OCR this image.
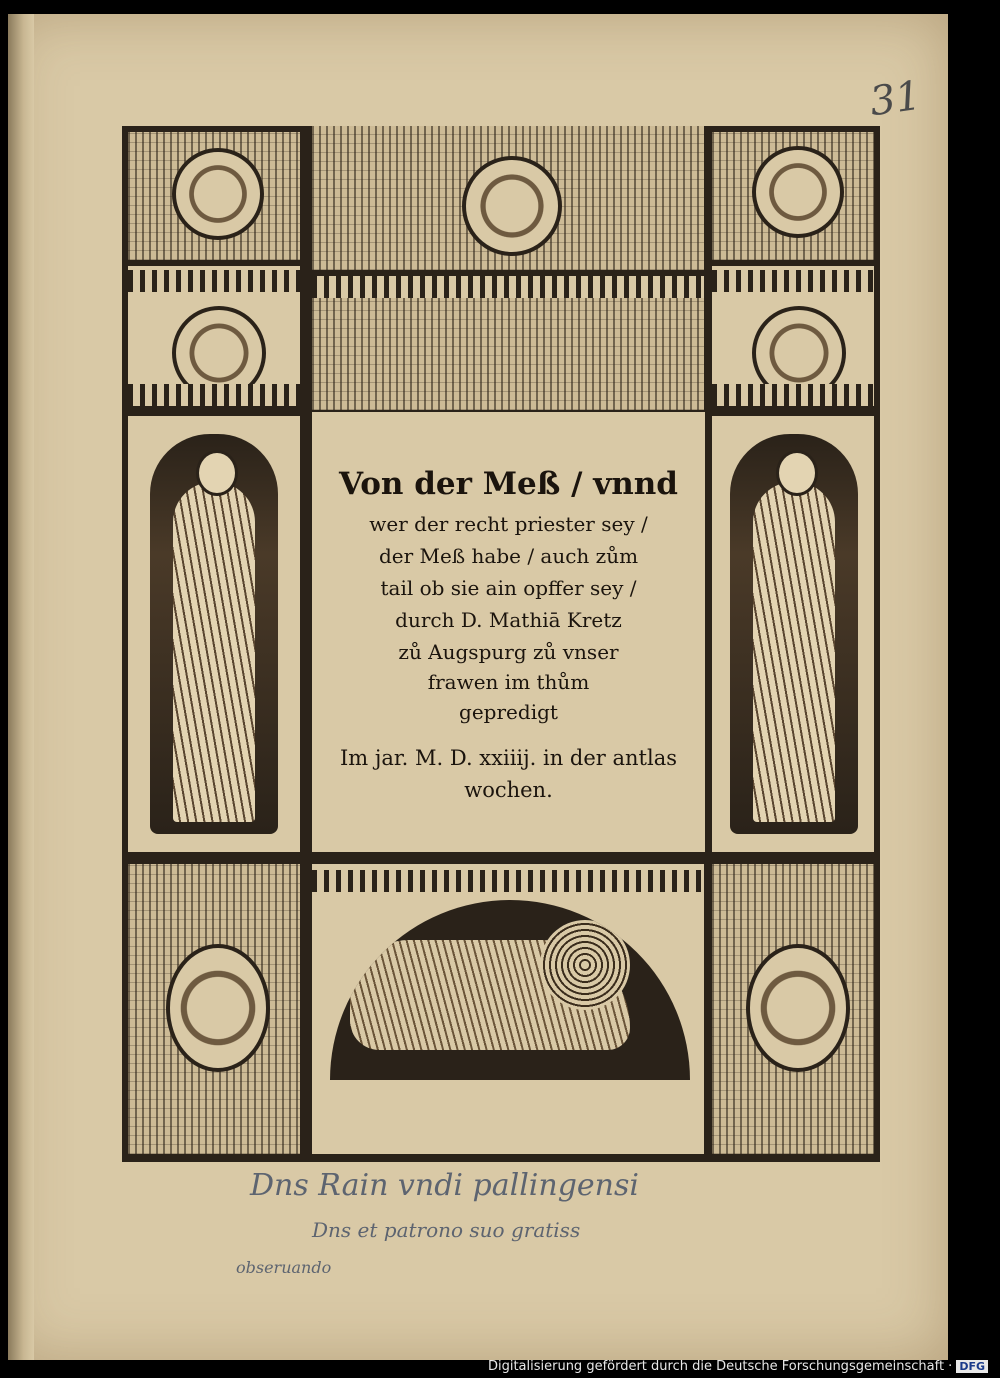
31
Von der Meß / vnnd
wer der recht priester sey /
der Meß habe / auch zům
tail ob sie ain opffer sey /
durch D. Mathiā Kretz
zů Augspurg zů vnser
frawen im thům
gepredigt
Im jar. M. D. xxiiij. in der antlas
wochen.
Dns Rain vndi pallingensi
Dns et patrono suo gratiss
obseruando
Digitalisierung gefördert durch die Deutsche Forschungsgemeinschaft · DFG
